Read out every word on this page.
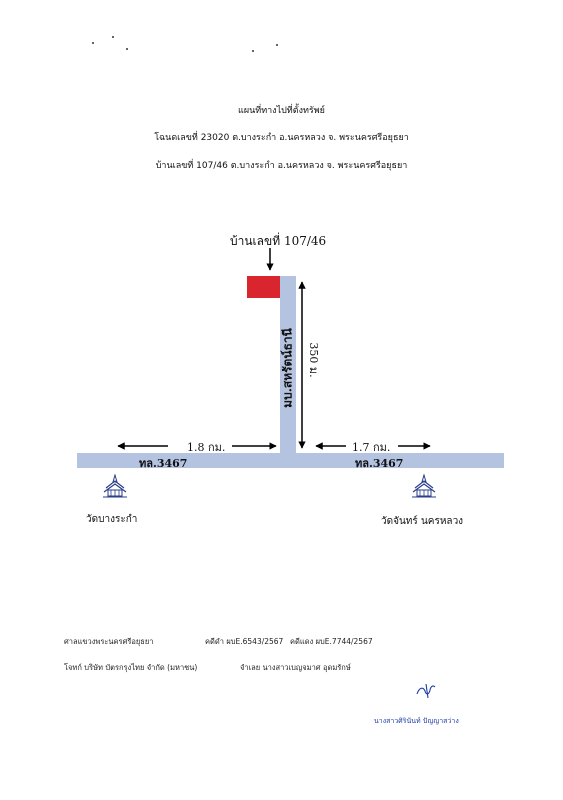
แผนที่ทางไปที่ตั้งทรัพย์
โฉนดเลขที่ 23020 ต.บางระกำ อ.นครหลวง จ. พระนครศรีอยุธยา
บ้านเลขที่ 107/46 ต.บางระกำ อ.นครหลวง จ. พระนครศรีอยุธยา
บ้านเลขที่ 107/46
มบ.สหรัตน์ธานี 350 ม.
1.8 กม.	1.7 กม.
ทล.3467	ทล.3467
วัดบางระกำ	วัดจันทร์ นครหลวง
ศาลแขวงพระนครศรีอยุธยา	คดีดำ ผบE.6543/2567 คดีแดง ผบE.7744/2567
โจทก์ บริษัท บัตรกรุงไทย จำกัด (มหาชน)	จำเลย นางสาวเบญจมาศ อุดมรักษ์
นางสาวศิรินันท์ ปัญญาสว่าง
